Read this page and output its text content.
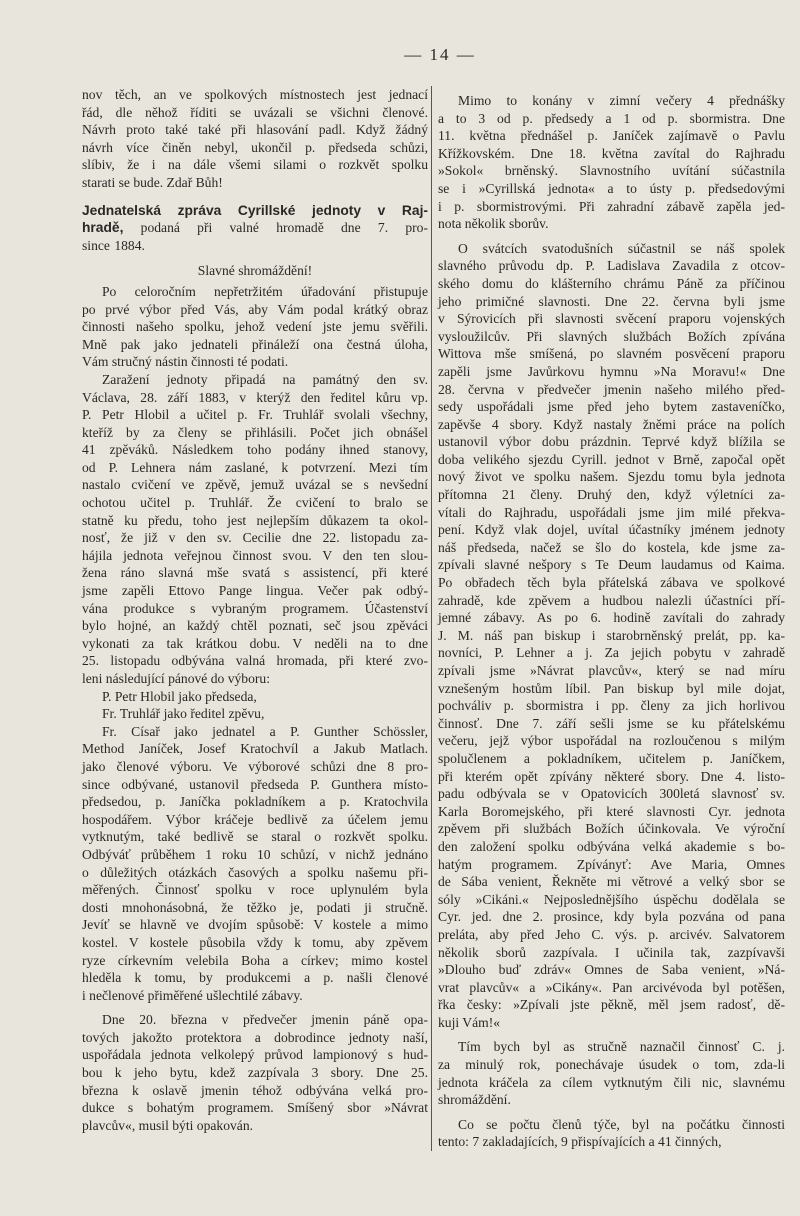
— 14 —
nov těch, an ve spolkových místnostech jest jednací
řád, dle něhož říditi se uvázali se všichni členové.
Návrh proto také také při hlasování padl. Když žádný
návrh více činěn nebyl, ukončil p. předseda schůzi,
slíbiv, že i na dále všemi silami o rozkvět spolku
starati se bude. Zdař Bůh!
Jednatelská zpráva Cyrillské jednoty v Raj-
hradě, podaná při valné hromadě dne 7. pro-
since 1884.
Slavné shromáždění!
Po celoročním nepřetržitém úřadování přistupuje
po prvé výbor před Vás, aby Vám podal krátký obraz
činnosti našeho spolku, jehož vedení jste jemu svěřili.
Mně pak jako jednateli přináleží ona čestná úloha,
Vám stručný nástin činnosti té podati.
Zaražení jednoty připadá na památný den sv.
Václava, 28. září 1883, v kterýž den ředitel kůru vp.
P. Petr Hlobil a učitel p. Fr. Truhlář svolali všechny,
kteříž by za členy se přihlásili. Počet jich obnášel
41 zpěváků. Následkem toho podány ihned stanovy,
od P. Lehnera nám zaslané, k potvrzení. Mezi tím
nastalo cvičení ve zpěvě, jemuž uvázal se s nevšední
ochotou učitel p. Truhlář. Že cvičení to bralo se
statně ku předu, toho jest nejlepším důkazem ta okol-
nosť, že již v den sv. Cecilie dne 22. listopadu za-
hájila jednota veřejnou činnost svou. V den ten slou-
žena ráno slavná mše svatá s assistencí, při které
jsme zapěli Ettovo Pange lingua. Večer pak odbý-
vána produkce s vybraným programem. Účastenství
bylo hojné, an každý chtěl poznati, seč jsou zpěváci
vykonati za tak krátkou dobu. V neděli na to dne
25. listopadu odbývána valná hromada, při které zvo-
leni následující pánové do výboru:
P. Petr Hlobil jako předseda,
Fr. Truhlář jako ředitel zpěvu,
Fr. Císař jako jednatel a P. Gunther Schössler,
Method Janíček, Josef Kratochvíl a Jakub Matlach.
jako členové výboru. Ve výborové schůzi dne 8 pro-
since odbývané, ustanovil předseda P. Gunthera místo-
předsedou, p. Janíčka pokladníkem a p. Kratochvila
hospodářem. Výbor kráčeje bedlivě za účelem jemu
vytknutým, také bedlivě se staral o rozkvět spolku.
Odbýváť průběhem 1 roku 10 schůzí, v nichž jednáno
o důležitých otázkách časových a spolku našemu při-
měřených. Činnosť spolku v roce uplynulém byla
dosti mnohonásobná, že těžko je, podati ji stručně.
Jevíť se hlavně ve dvojím spůsobě: V kostele a mimo
kostel. V kostele působila vždy k tomu, aby zpěvem
ryze církevním velebila Boha a církev; mimo kostel
hleděla k tomu, by produkcemi a p. našli členové
i nečlenové přiměřené ušlechtilé zábavy.
Dne 20. března v předvečer jmenin páně opa-
tových jakožto protektora a dobrodince jednoty naší,
uspořádala jednota velkolepý průvod lampionový s hud-
bou k jeho bytu, kdež zazpívala 3 sbory. Dne 25.
března k oslavě jmenin téhož odbývána velká pro-
dukce s bohatým programem. Smíšený sbor »Návrat
plavcův«, musil býti opakován.
Mimo to konány v zimní večery 4 přednášky
a to 3 od p. předsedy a 1 od p. sbormistra. Dne
11. května přednášel p. Janíček zajímavě o Pavlu
Křížkovském. Dne 18. května zavítal do Rajhradu
»Sokol« brněnský. Slavnostního uvítání súčastnila
se i »Cyrillská jednota« a to ústy p. předsedovými
i p. sbormistrovými. Při zahradní zábavě zapěla jed-
nota několik sborův.
O svátcích svatodušních súčastnil se náš spolek
slavného průvodu dp. P. Ladislava Zavadila z otcov-
ského domu do klášterního chrámu Páně za příčinou
jeho primičné slavnosti. Dne 22. června byli jsme
v Sýrovicích při slavnosti svěcení praporu vojenských
vysloužilcův. Při slavných službách Božích zpívána
Wittova mše smíšená, po slavném posvěcení praporu
zapěli jsme Javůrkovu hymnu »Na Moravu!« Dne
28. června v předvečer jmenin našeho milého před-
sedy uspořádali jsme před jeho bytem zastaveníčko,
zapěvše 4 sbory. Když nastaly žněmi práce na polích
ustanovil výbor dobu prázdnin. Teprvé když blížila se
doba velikého sjezdu Cyrill. jednot v Brně, započal opět
nový život ve spolku našem. Sjezdu tomu byla jednota
přítomna 21 členy. Druhý den, když výletníci za-
vítali do Rajhradu, uspořádali jsme jim milé překva-
pení. Když vlak dojel, uvítal účastníky jménem jednoty
náš předseda, načež se šlo do kostela, kde jsme za-
zpívali slavné nešpory s Te Deum laudamus od Kaima.
Po obřadech těch byla přátelská zábava ve spolkové
zahradě, kde zpěvem a hudbou nalezli účastníci pří-
jemné zábavy. As po 6. hodině zavítali do zahrady
J. M. náš pan biskup i starobrněnský prelát, pp. ka-
novníci, P. Lehner a j. Za jejich pobytu v zahradě
zpívali jsme »Návrat plavcův«, který se nad míru
vznešeným hostům líbil. Pan biskup byl mile dojat,
pochváliv p. sbormistra i pp. členy za jich horlivou
činnosť. Dne 7. září sešli jsme se ku přátelskému
večeru, jejž výbor uspořádal na rozloučenou s milým
spolučlenem a pokladníkem, učitelem p. Janíčkem,
při kterém opět zpívány některé sbory. Dne 4. listo-
padu odbývala se v Opatovicích 300letá slavnosť sv.
Karla Boromejského, při které slavnosti Cyr. jednota
zpěvem při službách Božích účinkovala. Ve výroční
den založení spolku odbývána velká akademie s bo-
hatým programem. Zpíványť: Ave Maria, Omnes
de Sába venient, Řekněte mi větrové a velký sbor se
sóly »Cikáni.« Nejposlednějšího úspěchu dodělala se
Cyr. jed. dne 2. prosince, kdy byla pozvána od pana
preláta, aby před Jeho C. výs. p. arcivév. Salvatorem
několik sborů zazpívala. I učinila tak, zazpívavši
»Dlouho buď zdráv« Omnes de Saba venient, »Ná-
vrat plavcův« a »Cikány«. Pan arcivévoda byl potěšen,
řka česky: »Zpívali jste pěkně, měl jsem radosť, dě-
kuji Vám!«
Tím bych byl as stručně naznačil činnosť C. j.
za minulý rok, ponechávaje úsudek o tom, zda-li
jednota kráčela za cílem vytknutým čili nic, slavnému
shromáždění.
Co se počtu členů týče, byl na počátku činnosti
tento: 7 zakladajících, 9 přispívajících a 41 činných,
